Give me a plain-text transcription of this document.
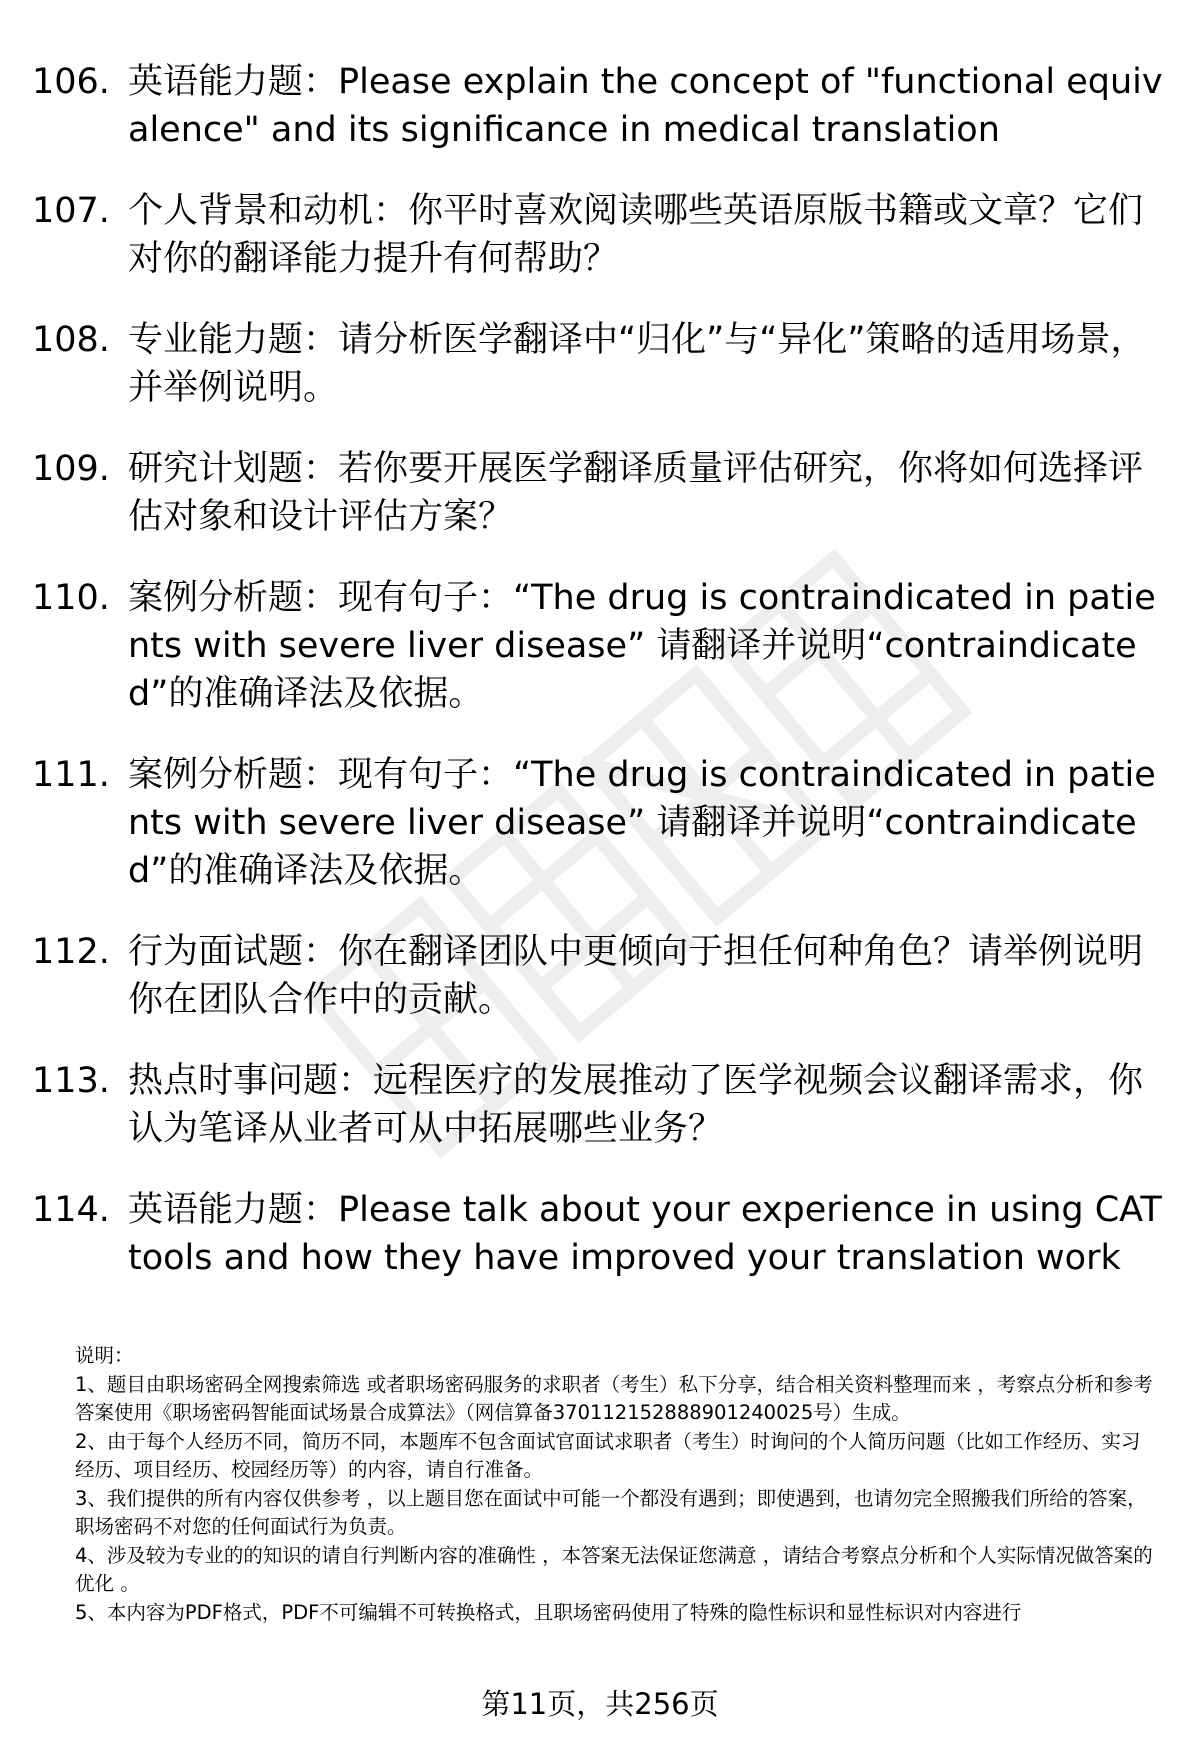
106. 英语能力题：Please explain the concept of "functional equivalence" and its significance in medical translation
107. 个人背景和动机：你平时喜欢阅读哪些英语原版书籍或文章？它们对你的翻译能力提升有何帮助？
108. 专业能力题：请分析医学翻译中“归化”与“异化”策略的适用场景，并举例说明。
109. 研究计划题：若你要开展医学翻译质量评估研究，你将如何选择评估对象和设计评估方案？
110. 案例分析题：现有句子：“The drug is contraindicated in patients with severe liver disease” 请翻译并说明“contraindicated”的准确译法及依据。
111. 案例分析题：现有句子：“The drug is contraindicated in patients with severe liver disease” 请翻译并说明“contraindicated”的准确译法及依据。
112. 行为面试题：你在翻译团队中更倾向于担任何种角色？请举例说明你在团队合作中的贡献。
113. 热点时事问题：远程医疗的发展推动了医学视频会议翻译需求，你认为笔译从业者可从中拓展哪些业务？
114. 英语能力题：Please talk about your experience in using CAT tools and how they have improved your translation work

说明：

1、题目由职场密码全网搜索筛选 或者职场密码服务的求职者（考生）私下分享，结合相关资料整理而来 ，考察点分析和参考答案使用《职场密码智能面试场景合成算法》（网信算备370112152888901240025号）生成。

2、由于每个人经历不同，简历不同，本题库不包含面试官面试求职者（考生）时询问的个人简历问题（比如工作经历、实习经历、项目经历、校园经历等）的内容，请自行准备。

3、我们提供的所有内容仅供参考 ，以上题目您在面试中可能一个都没有遇到；即使遇到，也请勿完全照搬我们所给的答案，职场密码不对您的任何面试行为负责。

4、涉及较为专业的的知识的请自行判断内容的准确性 ，本答案无法保证您满意 ，请结合考察点分析和个人实际情况做答案的优化 。

5、本内容为PDF格式，PDF不可编辑不可转换格式，且职场密码使用了特殊的隐性标识和显性标识对内容进行

第11页，共256页
